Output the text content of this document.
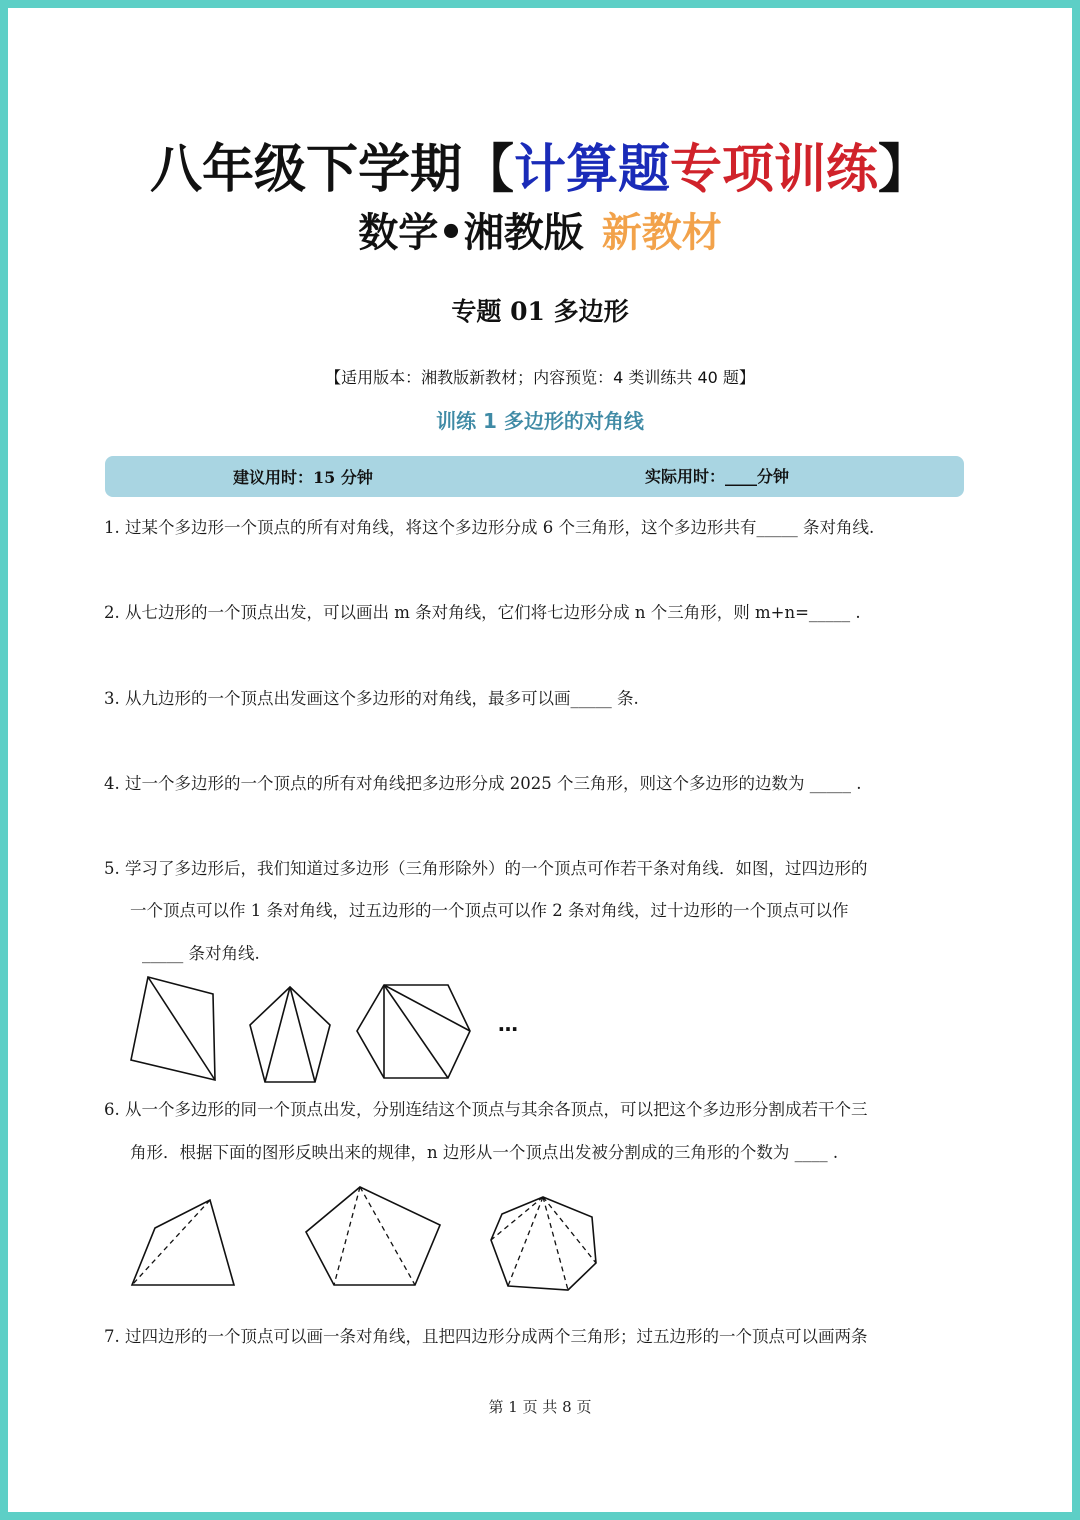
八年级下学期【计算题专项训练】
数学•湘教版 新教材
专题 01 多边形
【适用版本：湘教版新教材；内容预览：4 类训练共 40 题】
训练 1 多边形的对角线
建议用时：15 分钟	实际用时：____分钟
1. 过某个多边形一个顶点的所有对角线，将这个多边形分成 6 个三角形，这个多边形共有_____ 条对角线.
2. 从七边形的一个顶点出发，可以画出 m 条对角线，它们将七边形分成 n 个三角形，则 m+n=_____ .
3. 从九边形的一个顶点出发画这个多边形的对角线，最多可以画_____ 条.
4. 过一个多边形的一个顶点的所有对角线把多边形分成 2025 个三角形，则这个多边形的边数为 _____ .
5. 学习了多边形后，我们知道过多边形（三角形除外）的一个顶点可作若干条对角线．如图，过四边形的
一个顶点可以作 1 条对角线，过五边形的一个顶点可以作 2 条对角线，过十边形的一个顶点可以作
_____ 条对角线.
…
6. 从一个多边形的同一个顶点出发，分别连结这个顶点与其余各顶点，可以把这个多边形分割成若干个三
角形．根据下面的图形反映出来的规律，n 边形从一个顶点出发被分割成的三角形的个数为 ____ .
7. 过四边形的一个顶点可以画一条对角线，且把四边形分成两个三角形；过五边形的一个顶点可以画两条
第 1 页 共 8 页
